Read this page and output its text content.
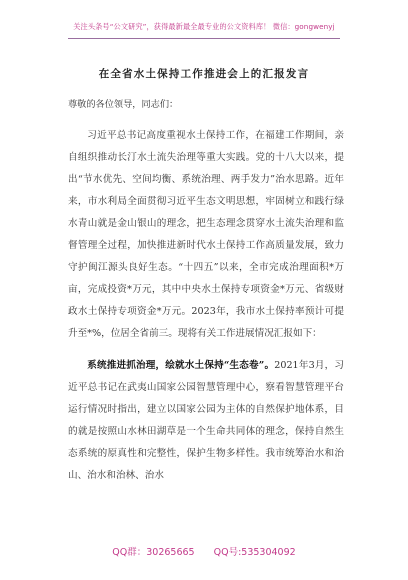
关注头条号“公文研究”，获得最新最全最专业的公文资料库！ 微信：gongwenyj
在全省水土保持工作推进会上的汇报发言
尊敬的各位领导，同志们：

习近平总书记高度重视水土保持工作，在福建工作期间，亲自组织推动长汀水土流失治理等重大实践。党的十八大以来，提出“节水优先、空间均衡、系统治理、两手发力”治水思路。近年来，市水利局全面贯彻习近平生态文明思想，牢固树立和践行绿水青山就是金山银山的理念，把生态理念贯穿水土流失治理和监督管理全过程，加快推进新时代水土保持工作高质量发展，致力守护闽江源头良好生态。“十四五”以来，全市完成治理面积*万亩，完成投资*万元，其中中央水土保持专项资金*万元、省级财政水土保持专项资金*万元。2023年，我市水土保持率预计可提升至*%，位居全省前三。现将有关工作进展情况汇报如下：

系统推进抓治理，绘就水土保持“生态卷”。2021年3月，习近平总书记在武夷山国家公园智慧管理中心，察看智慧管理平台运行情况时指出，建立以国家公园为主体的自然保护地体系，目的就是按照山水林田湖草是一个生命共同体的理念，保持自然生态系统的原真性和完整性，保护生物多样性。我市统筹治水和治山、治水和治林、治水

QQ群：30265665 QQ号:535304092
